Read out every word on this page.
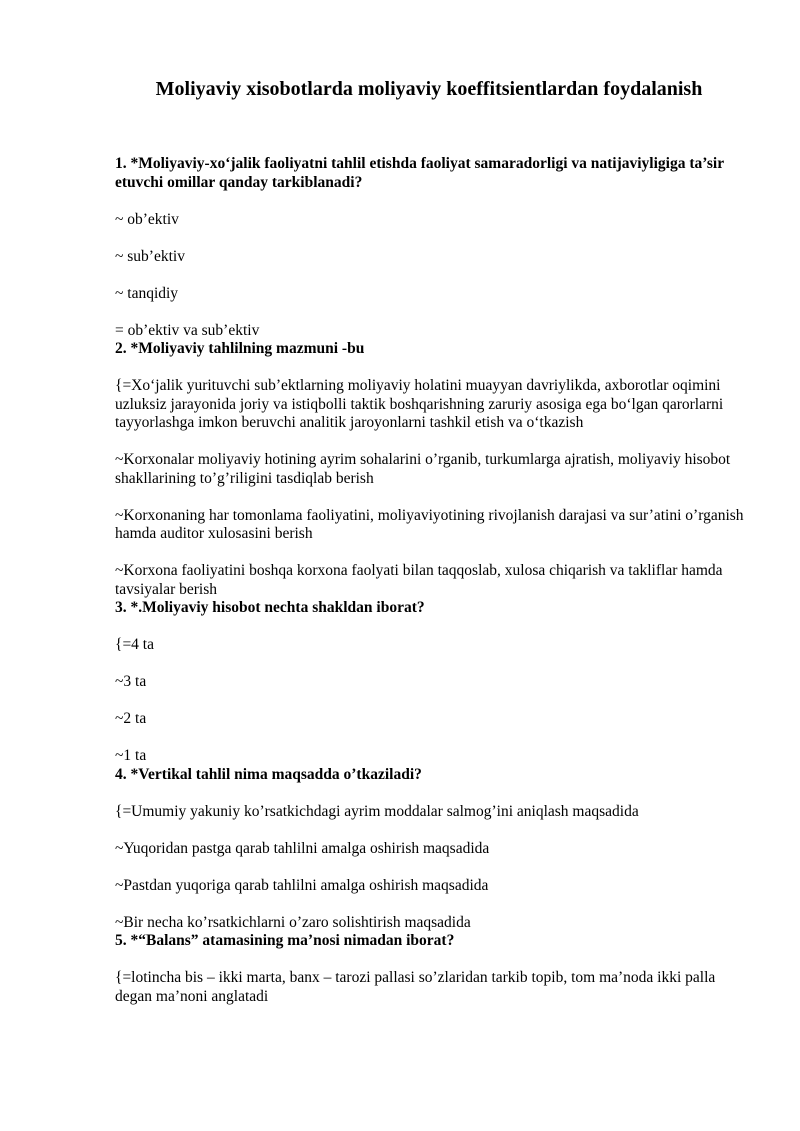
Moliyaviy xisobotlarda moliyaviy koeffitsientlardan foydalanish

1. *Moliyaviy-xo‘jalik faoliyatni tahlil etishda faoliyat samaradorligi va natijaviyligiga ta’sir etuvchi omillar qanday tarkiblanadi?

~ ob’ektiv

~ sub’ektiv

~ tanqidiy

= ob’ektiv va sub’ektiv

2. *Moliyaviy tahlilning mazmuni -bu

{=Xo‘jalik yurituvchi sub’ektlarning moliyaviy holatini muayyan davriylikda, axborotlar oqimini uzluksiz jarayonida joriy va istiqbolli taktik boshqarishning zaruriy asosiga ega bo‘lgan qarorlarni tayyorlashga imkon beruvchi analitik jaroyonlarni tashkil etish va o‘tkazish

~Korxonalar moliyaviy hotining ayrim sohalarini o’rganib, turkumlarga ajratish, moliyaviy hisobot shakllarining to’g’riligini tasdiqlab berish

~Korxonaning har tomonlama faoliyatini, moliyaviyotining rivojlanish darajasi va sur’atini o’rganish hamda auditor xulosasini berish

~Korxona faoliyatini boshqa korxona faolyati bilan taqqoslab, xulosa chiqarish va takliflar hamda tavsiyalar berish

3. *.Moliyaviy hisobot nechta shakldan iborat?

{=4 ta

~3 ta

~2 ta

~1 ta

4. *Vertikal tahlil nima maqsadda o’tkaziladi?

{=Umumiy yakuniy ko’rsatkichdagi ayrim moddalar salmog’ini aniqlash maqsadida

~Yuqoridan pastga qarab tahlilni amalga oshirish maqsadida

~Pastdan yuqoriga qarab tahlilni amalga oshirish maqsadida

~Bir necha ko’rsatkichlarni o’zaro solishtirish maqsadida

5. *“Balans” atamasining ma’nosi nimadan iborat?

{=lotincha bis – ikki marta, banx – tarozi pallasi so’zlaridan tarkib topib, tom ma’noda ikki palla degan ma’noni anglatadi
